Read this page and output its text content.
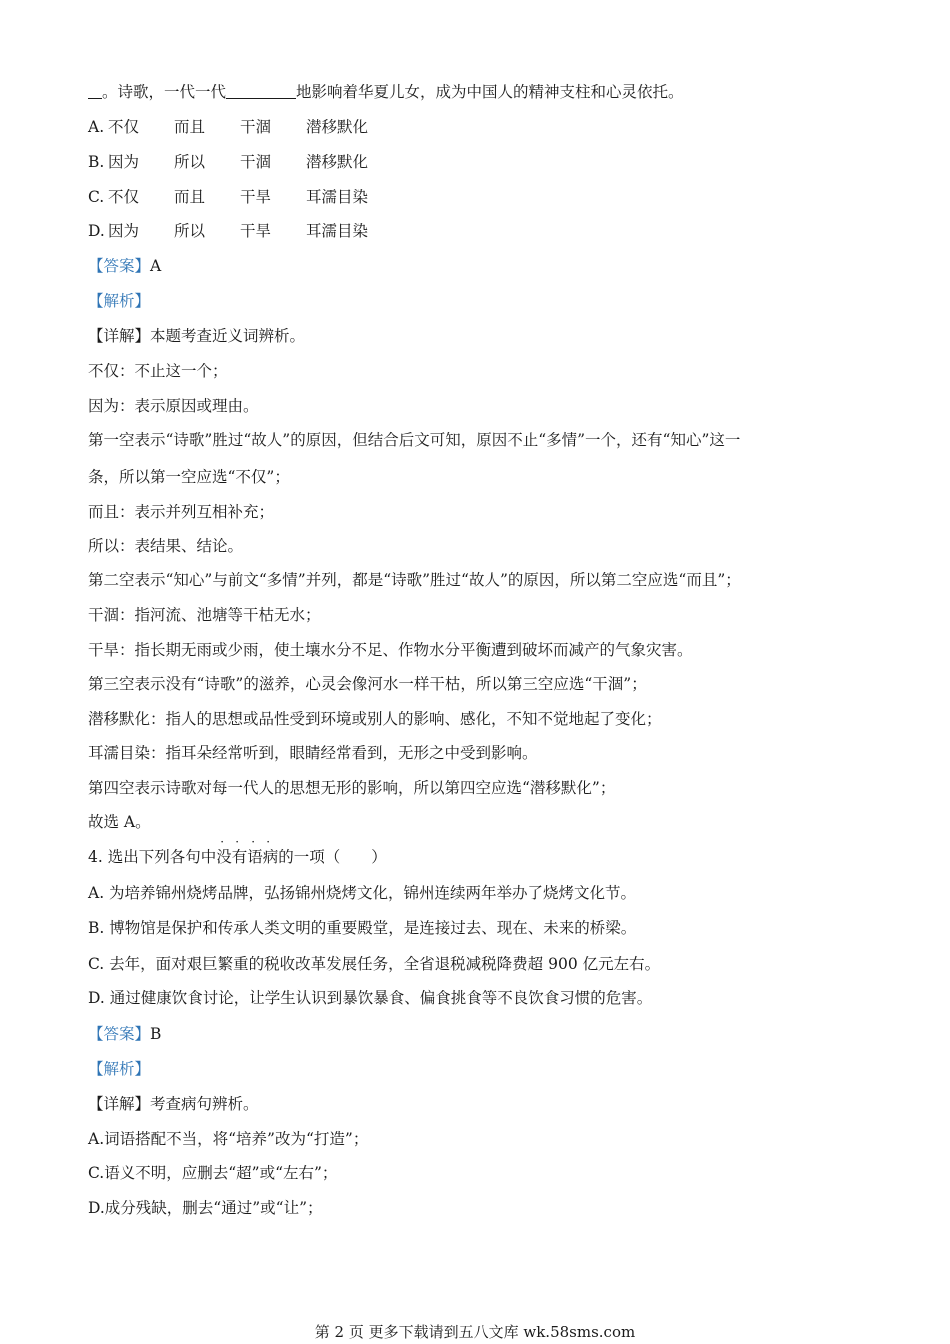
。诗歌，一代一代	地影响着华夏儿女，成为中国人的精神支柱和心灵依托。
A. 不仅 而且 干涸 潜移默化
B. 因为 所以 干涸 潜移默化
C. 不仅 而且 干旱 耳濡目染
D. 因为 所以 干旱 耳濡目染
【答案】A
【解析】
【详解】本题考查近义词辨析。
不仅：不止这一个；
因为：表示原因或理由。
第一空表示“诗歌”胜过“故人”的原因，但结合后文可知，原因不止“多情”一个，还有“知心”这一
条，所以第一空应选“不仅”；
而且：表示并列互相补充；
所以：表结果、结论。
第二空表示“知心”与前文“多情”并列，都是“诗歌”胜过“故人”的原因，所以第二空应选“而且”；
干涸：指河流、池塘等干枯无水；
干旱：指长期无雨或少雨，使土壤水分不足、作物水分平衡遭到破坏而减产的气象灾害。
第三空表示没有“诗歌”的滋养，心灵会像河水一样干枯，所以第三空应选“干涸”；
潜移默化：指人的思想或品性受到环境或别人的影响、感化，不知不觉地起了变化；
耳濡目染：指耳朵经常听到，眼睛经常看到，无形之中受到影响。
第四空表示诗歌对每一代人的思想无形的影响，所以第四空应选“潜移默化”；
故选 A。
4. 选出下列各句中
· · · ·
没有语病的一项（　　）
A. 为培养锦州烧烤品牌，弘扬锦州烧烤文化，锦州连续两年举办了烧烤文化节。
B. 博物馆是保护和传承人类文明的重要殿堂，是连接过去、现在、未来的桥梁。
C. 去年，面对艰巨繁重的税收改革发展任务，全省退税减税降费超 900 亿元左右。
D. 通过健康饮食讨论，让学生认识到暴饮暴食、偏食挑食等不良饮食习惯的危害。
【答案】B
【解析】
【详解】考查病句辨析。
A.词语搭配不当，将“培养”改为“打造”；
C.语义不明，应删去“超”或“左右”；
D.成分残缺，删去“通过”或“让”；
第 2 页 更多下载请到五八文库 wk.58sms.com
